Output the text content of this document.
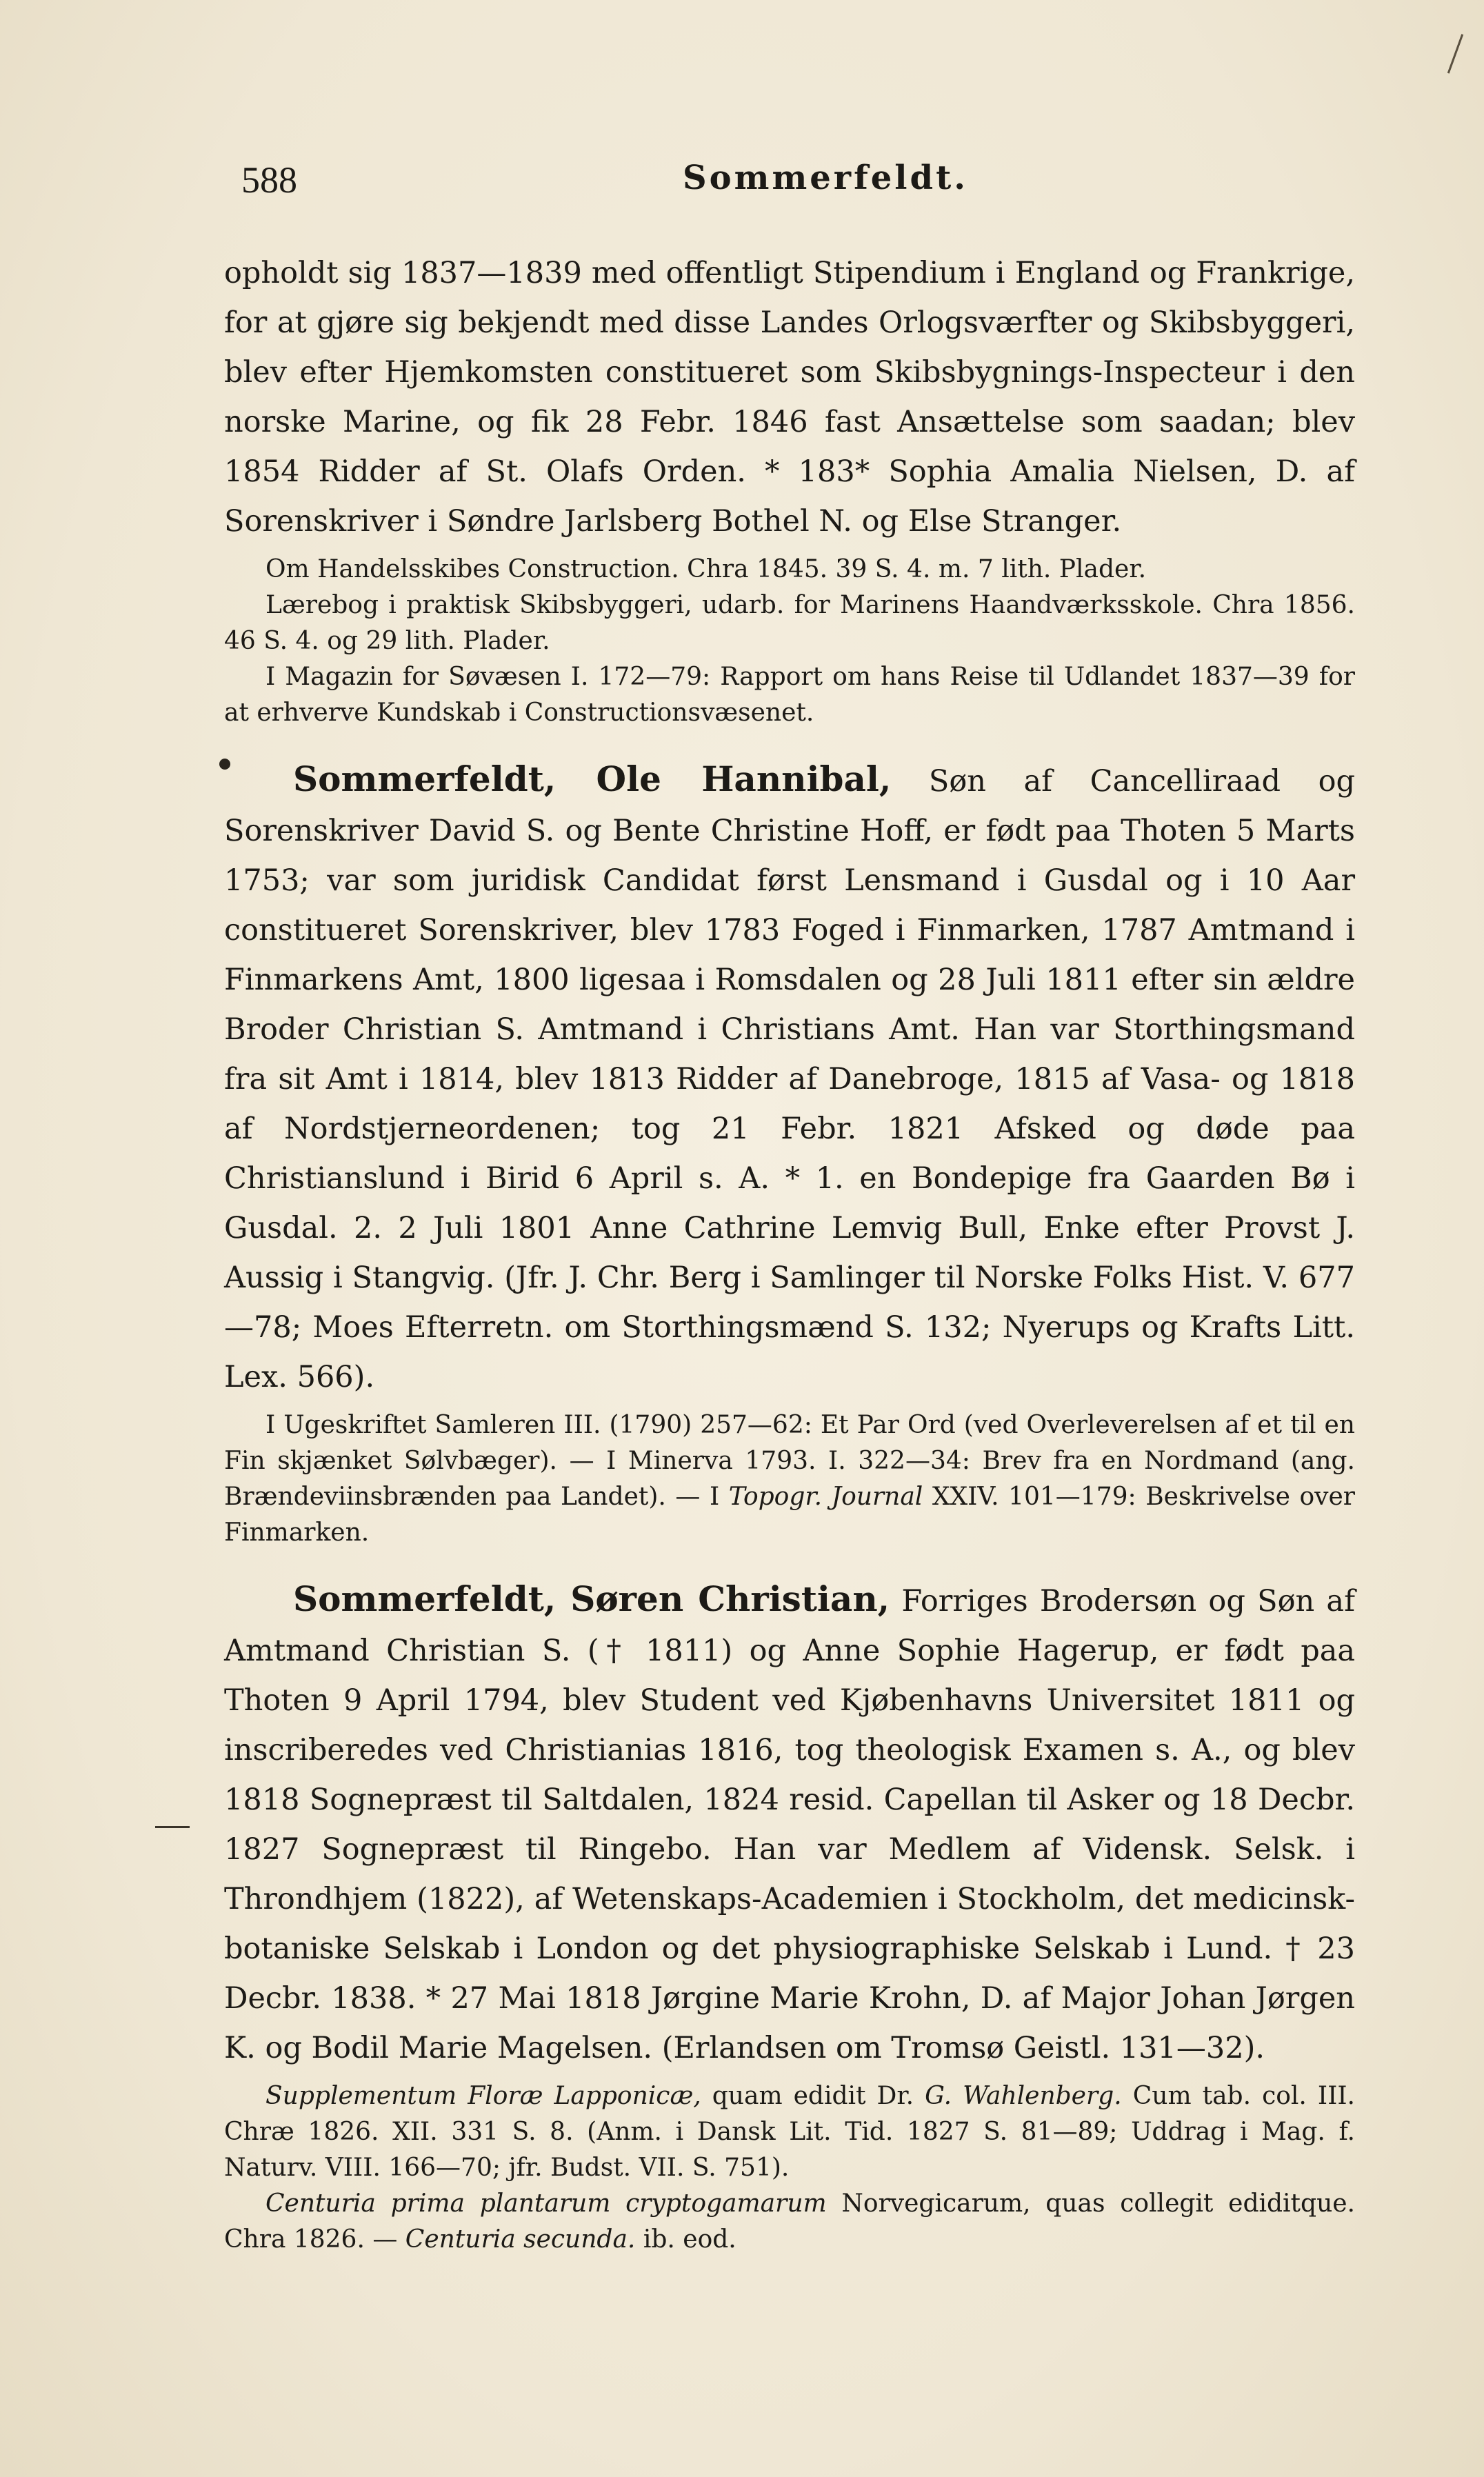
588	Sommerfeldt.

opholdt sig 1837—1839 med offentligt Stipendium i England og Frankrige, for at gjøre sig bekjendt med disse Landes Orlogsværfter og Skibsbyggeri, blev efter Hjemkomsten constitueret som Skibsbygnings-Inspecteur i den norske Marine, og fik 28 Febr. 1846 fast Ansættelse som saadan; blev 1854 Ridder af St. Olafs Orden. * 183* Sophia Amalia Nielsen, D. af Sorenskriver i Søndre Jarlsberg Bothel N. og Else Stranger.

Om Handelsskibes Construction. Chra 1845. 39 S. 4. m. 7 lith. Plader.

Lærebog i praktisk Skibsbyggeri, udarb. for Marinens Haandværksskole. Chra 1856. 46 S. 4. og 29 lith. Plader.

I Magazin for Søvæsen I. 172—79: Rapport om hans Reise til Udlandet 1837—39 for at erhverve Kundskab i Constructionsvæsenet.

Sommerfeldt, Ole Hannibal, Søn af Cancelliraad og Sorenskriver David S. og Bente Christine Hoff, er født paa Thoten 5 Marts 1753; var som juridisk Candidat først Lensmand i Gusdal og i 10 Aar constitueret Sorenskriver, blev 1783 Foged i Finmarken, 1787 Amtmand i Finmarkens Amt, 1800 ligesaa i Romsdalen og 28 Juli 1811 efter sin ældre Broder Christian S. Amtmand i Christians Amt. Han var Storthingsmand fra sit Amt i 1814, blev 1813 Ridder af Danebroge, 1815 af Vasa- og 1818 af Nordstjerneordenen; tog 21 Febr. 1821 Afsked og døde paa Christianslund i Birid 6 April s. A. * 1. en Bondepige fra Gaarden Bø i Gusdal. 2. 2 Juli 1801 Anne Cathrine Lemvig Bull, Enke efter Provst J. Aussig i Stangvig. (Jfr. J. Chr. Berg i Samlinger til Norske Folks Hist. V. 677—78; Moes Efterretn. om Storthingsmænd S. 132; Nyerups og Krafts Litt. Lex. 566).

I Ugeskriftet Samleren III. (1790) 257—62: Et Par Ord (ved Overleverelsen af et til en Fin skjænket Sølvbæger). — I Minerva 1793. I. 322—34: Brev fra en Nordmand (ang. Brændeviinsbrænden paa Landet). — I Topogr. Journal XXIV. 101—179: Beskrivelse over Finmarken.

Sommerfeldt, Søren Christian, Forriges Brodersøn og Søn af Amtmand Christian S. († 1811) og Anne Sophie Hagerup, er født paa Thoten 9 April 1794, blev Student ved Kjøbenhavns Universitet 1811 og inscriberedes ved Christianias 1816, tog theologisk Examen s. A., og blev 1818 Sognepræst til Saltdalen, 1824 resid. Capellan til Asker og 18 Decbr. 1827 Sognepræst til Ringebo. Han var Medlem af Vidensk. Selsk. i Throndhjem (1822), af Wetenskaps-Academien i Stockholm, det medicinsk-botaniske Selskab i London og det physiographiske Selskab i Lund. † 23 Decbr. 1838. * 27 Mai 1818 Jørgine Marie Krohn, D. af Major Johan Jørgen K. og Bodil Marie Magelsen. (Erlandsen om Tromsø Geistl. 131—32).

Supplementum Floræ Lapponicæ, quam edidit Dr. G. Wahlenberg. Cum tab. col. III. Chræ 1826. XII. 331 S. 8. (Anm. i Dansk Lit. Tid. 1827 S. 81—89; Uddrag i Mag. f. Naturv. VIII. 166—70; jfr. Budst. VII. S. 751).

Centuria prima plantarum cryptogamarum Norvegicarum, quas collegit ediditque. Chra 1826. — Centuria secunda. ib. eod.
